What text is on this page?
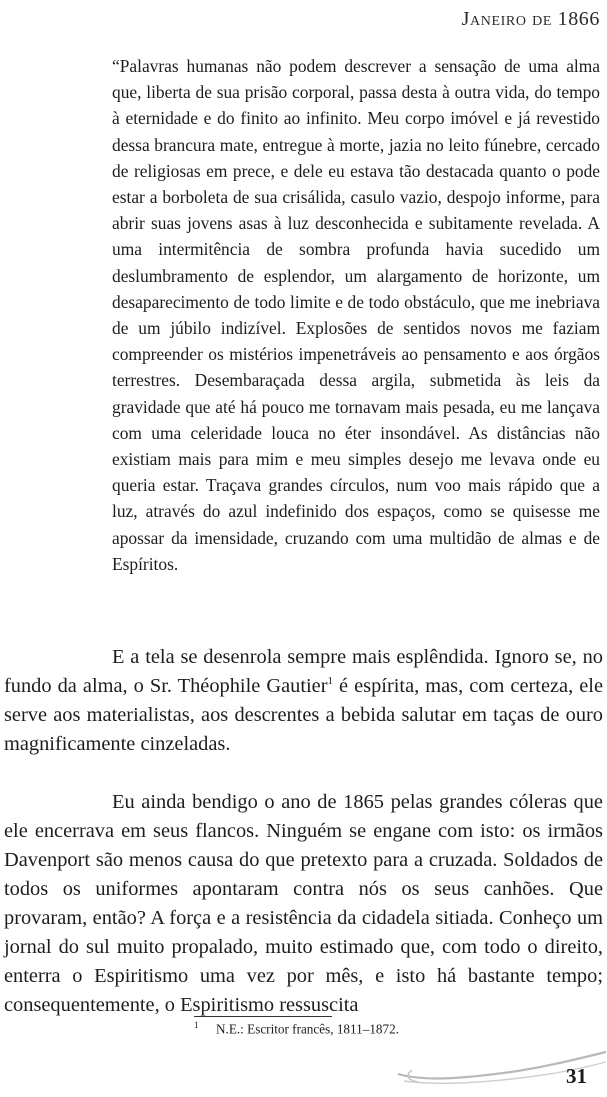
Janeiro de 1866
“Palavras humanas não podem descrever a sensação de uma alma que, liberta de sua prisão corporal, passa desta à outra vida, do tempo à eternidade e do finito ao infinito. Meu corpo imóvel e já revestido dessa brancura mate, entregue à morte, jazia no leito fúnebre, cercado de religiosas em prece, e dele eu estava tão destacada quanto o pode estar a borboleta de sua crisálida, casulo vazio, despojo informe, para abrir suas jovens asas à luz desconhecida e subitamente revelada. A uma intermitência de sombra profunda havia sucedido um deslumbramento de esplendor, um alargamento de horizonte, um desaparecimento de todo limite e de todo obstáculo, que me inebriava de um júbilo indizível. Explosões de sentidos novos me faziam compreender os mistérios impenetráveis ao pensamento e aos órgãos terrestres. Desembaraçada dessa argila, submetida às leis da gravidade que até há pouco me tornavam mais pesada, eu me lançava com uma celeridade louca no éter insondável. As distâncias não existiam mais para mim e meu simples desejo me levava onde eu queria estar. Traçava grandes círculos, num voo mais rápido que a luz, através do azul indefinido dos espaços, como se quisesse me apossar da imensidade, cruzando com uma multidão de almas e de Espíritos.

E a tela se desenrola sempre mais esplêndida. Ignoro se, no fundo da alma, o Sr. Théophile Gautier$^1$ é espírita, mas, com certeza, ele serve aos materialistas, aos descrentes a bebida salutar em taças de ouro magnificamente cinzeladas.

Eu ainda bendigo o ano de 1865 pelas grandes cóleras que ele encerrava em seus flancos. Ninguém se engane com isto: os irmãos Davenport são menos causa do que pretexto para a cruzada. Soldados de todos os uniformes apontaram contra nós os seus canhões. Que provaram, então? A força e a resistência da cidadela sitiada. Conheço um jornal do sul muito propalado, muito estimado que, com todo o direito, enterra o Espiritismo uma vez por mês, e isto há bastante tempo; consequentemente, o Espiritismo ressuscita

1 N.E.: Escritor francês, 1811–1872.
31
